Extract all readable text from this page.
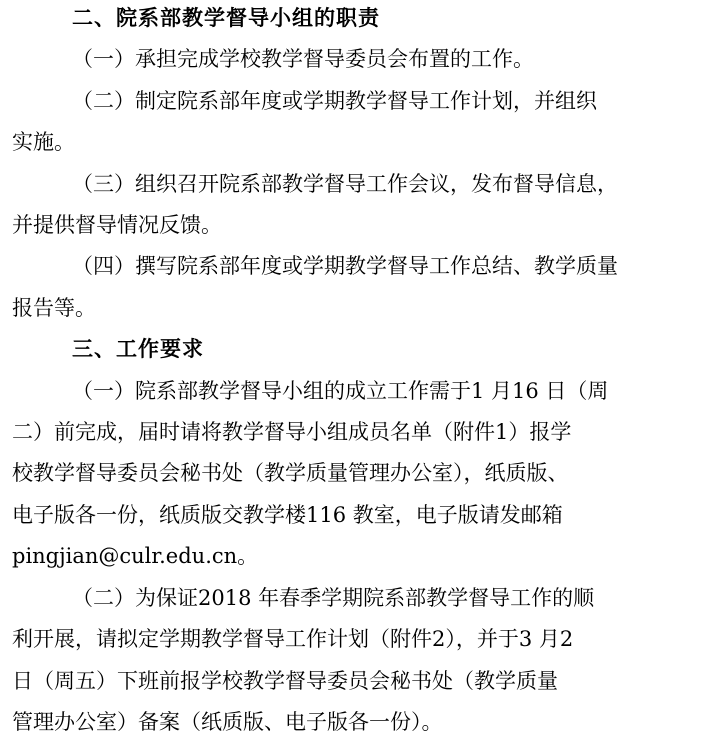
二、院系部教学督导小组的职责
（一）承担完成学校教学督导委员会布置的工作。
（二）制定院系部年度或学期教学督导工作计划，并组织
实施。
（三）组织召开院系部教学督导工作会议，发布督导信息，
并提供督导情况反馈。
（四）撰写院系部年度或学期教学督导工作总结、教学质量
报告等。
三、工作要求
（一）院系部教学督导小组的成立工作需于1 月16 日（周
二）前完成，届时请将教学督导小组成员名单（附件1）报学
校教学督导委员会秘书处（教学质量管理办公室），纸质版、
电子版各一份，纸质版交教学楼116 教室，电子版请发邮箱
pingjian@culr.edu.cn。
（二）为保证2018 年春季学期院系部教学督导工作的顺
利开展，请拟定学期教学督导工作计划（附件2），并于3 月2
日（周五）下班前报学校教学督导委员会秘书处（教学质量
管理办公室）备案（纸质版、电子版各一份）。
